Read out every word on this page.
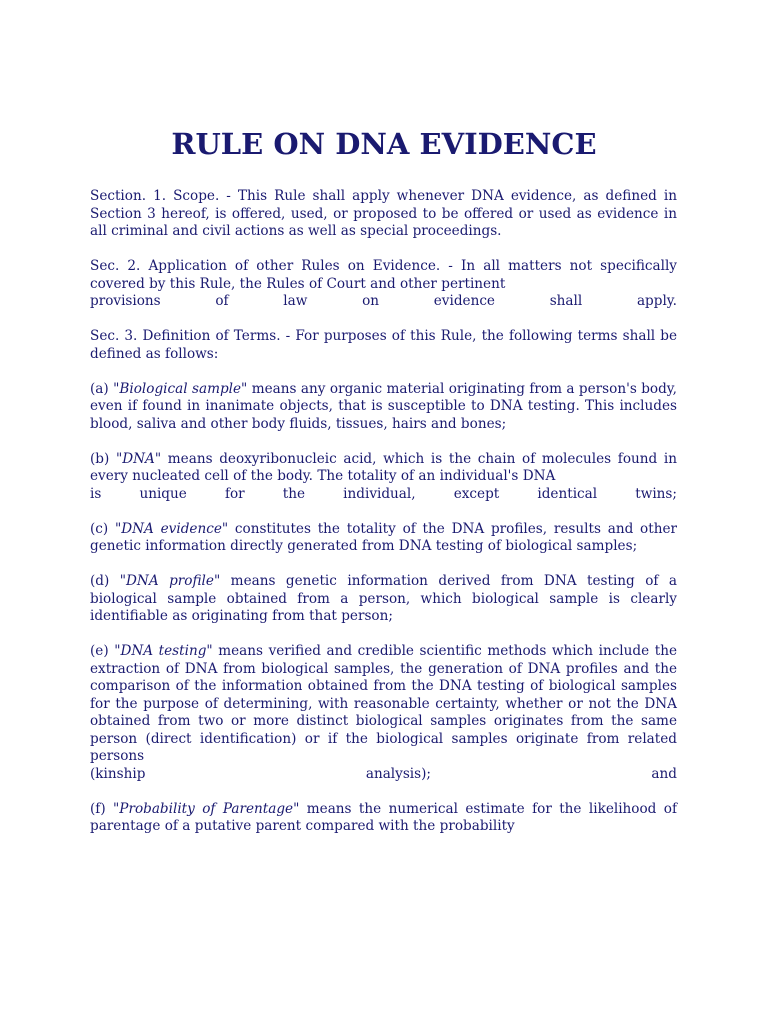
RULE ON DNA EVIDENCE

Section. 1. Scope. - This Rule shall apply whenever DNA evidence, as defined in Section 3 hereof, is offered, used, or proposed to be offered or used as evidence in all criminal and civil actions as well as special proceedings.

Sec. 2. Application of other Rules on Evidence. - In all matters not specifically covered by this Rule, the Rules of Court and other pertinent
provisions of law on evidence shall apply.

Sec. 3. Definition of Terms. - For purposes of this Rule, the following terms shall be defined as follows:

(a) "Biological sample" means any organic material originating from a person's body, even if found in inanimate objects, that is susceptible to DNA testing. This includes blood, saliva and other body fluids, tissues, hairs and bones;

(b) "DNA" means deoxyribonucleic acid, which is the chain of molecules found in every nucleated cell of the body. The totality of an individual's DNA
is unique for the individual, except identical twins;

(c) "DNA evidence" constitutes the totality of the DNA profiles, results and other genetic information directly generated from DNA testing of biological samples;

(d) "DNA profile" means genetic information derived from DNA testing of a biological sample obtained from a person, which biological sample is clearly identifiable as originating from that person;

(e) "DNA testing" means verified and credible scientific methods which include the extraction of DNA from biological samples, the generation of DNA profiles and the comparison of the information obtained from the DNA testing of biological samples for the purpose of determining, with reasonable certainty, whether or not the DNA obtained from two or more distinct biological samples originates from the same person (direct identification) or if the biological samples originate from related persons
(kinship analysis); and

(f) "Probability of Parentage" means the numerical estimate for the likelihood of parentage of a putative parent compared with the probability
